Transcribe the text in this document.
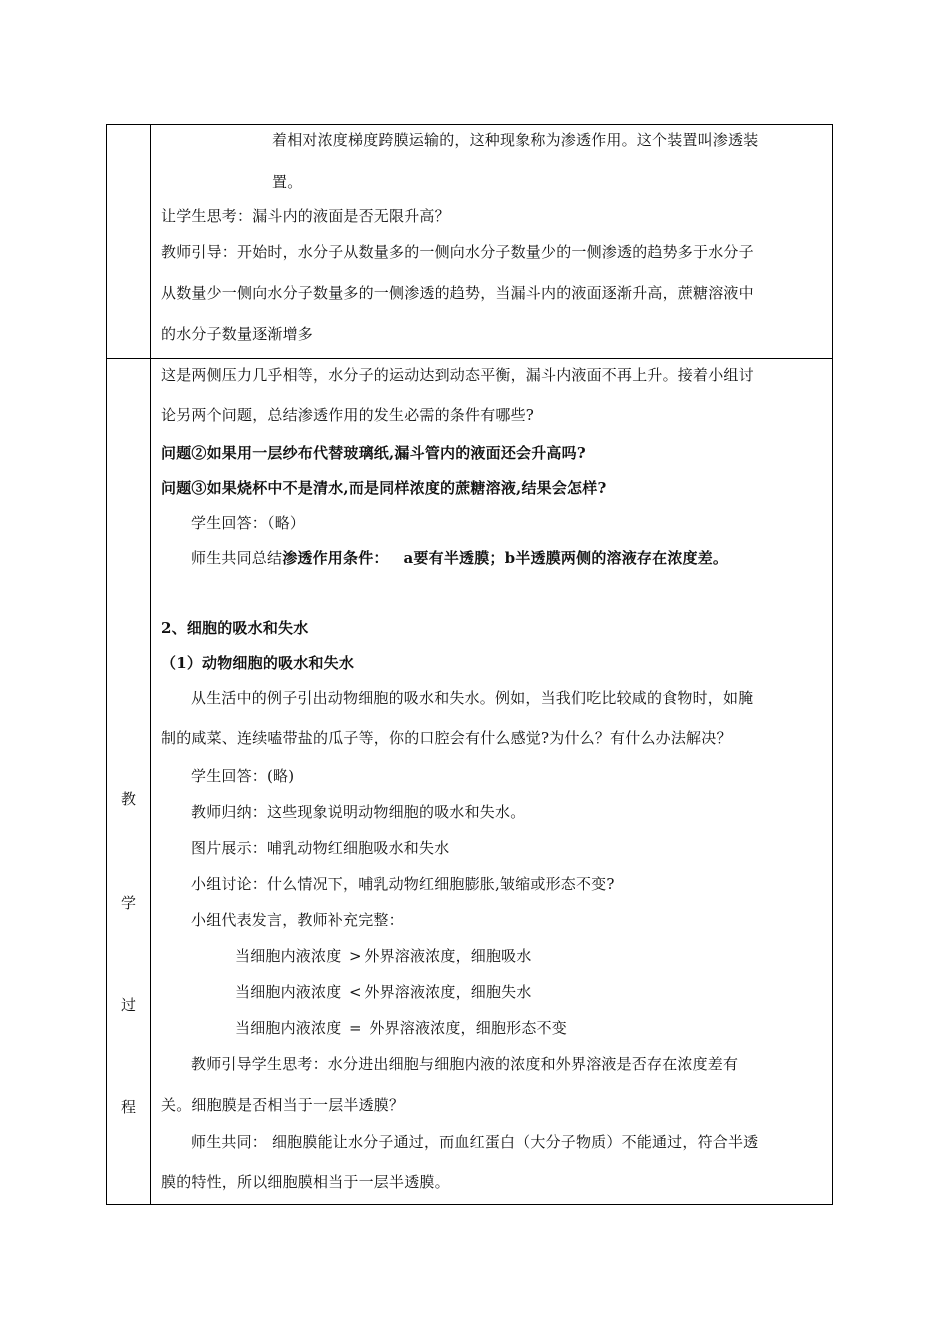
教
学
过
程
着相对浓度梯度跨膜运输的，这种现象称为渗透作用。这个装置叫渗透装
置。
让学生思考：漏斗内的液面是否无限升高？
教师引导：开始时，水分子从数量多的一侧向水分子数量少的一侧渗透的趋势多于水分子
从数量少一侧向水分子数量多的一侧渗透的趋势，当漏斗内的液面逐渐升高，蔗糖溶液中
的水分子数量逐渐增多
这是两侧压力几乎相等，水分子的运动达到动态平衡，漏斗内液面不再上升。接着小组讨
论另两个问题，总结渗透作用的发生必需的条件有哪些?
问题②如果用一层纱布代替玻璃纸,漏斗管内的液面还会升高吗?
问题③如果烧杯中不是清水,而是同样浓度的蔗糖溶液,结果会怎样?
学生回答：（略）
师生共同总结渗透作用条件： a要有半透膜；b半透膜两侧的溶液存在浓度差。
2、细胞的吸水和失水
（1）动物细胞的吸水和失水
从生活中的例子引出动物细胞的吸水和失水。例如，当我们吃比较咸的食物时，如腌
制的咸菜、连续嗑带盐的瓜子等，你的口腔会有什么感觉?为什么？有什么办法解决？
学生回答：(略)
教师归纳：这些现象说明动物细胞的吸水和失水。
图片展示：哺乳动物红细胞吸水和失水
小组讨论：什么情况下，哺乳动物红细胞膨胀,皱缩或形态不变?
小组代表发言，教师补充完整：
当细胞内液浓度 > 外界溶液浓度，细胞吸水
当细胞内液浓度 < 外界溶液浓度，细胞失水
当细胞内液浓度 = 外界溶液浓度，细胞形态不变
教师引导学生思考：水分进出细胞与细胞内液的浓度和外界溶液是否存在浓度差有
关。细胞膜是否相当于一层半透膜？
师生共同： 细胞膜能让水分子通过，而血红蛋白（大分子物质）不能通过，符合半透
膜的特性，所以细胞膜相当于一层半透膜。
